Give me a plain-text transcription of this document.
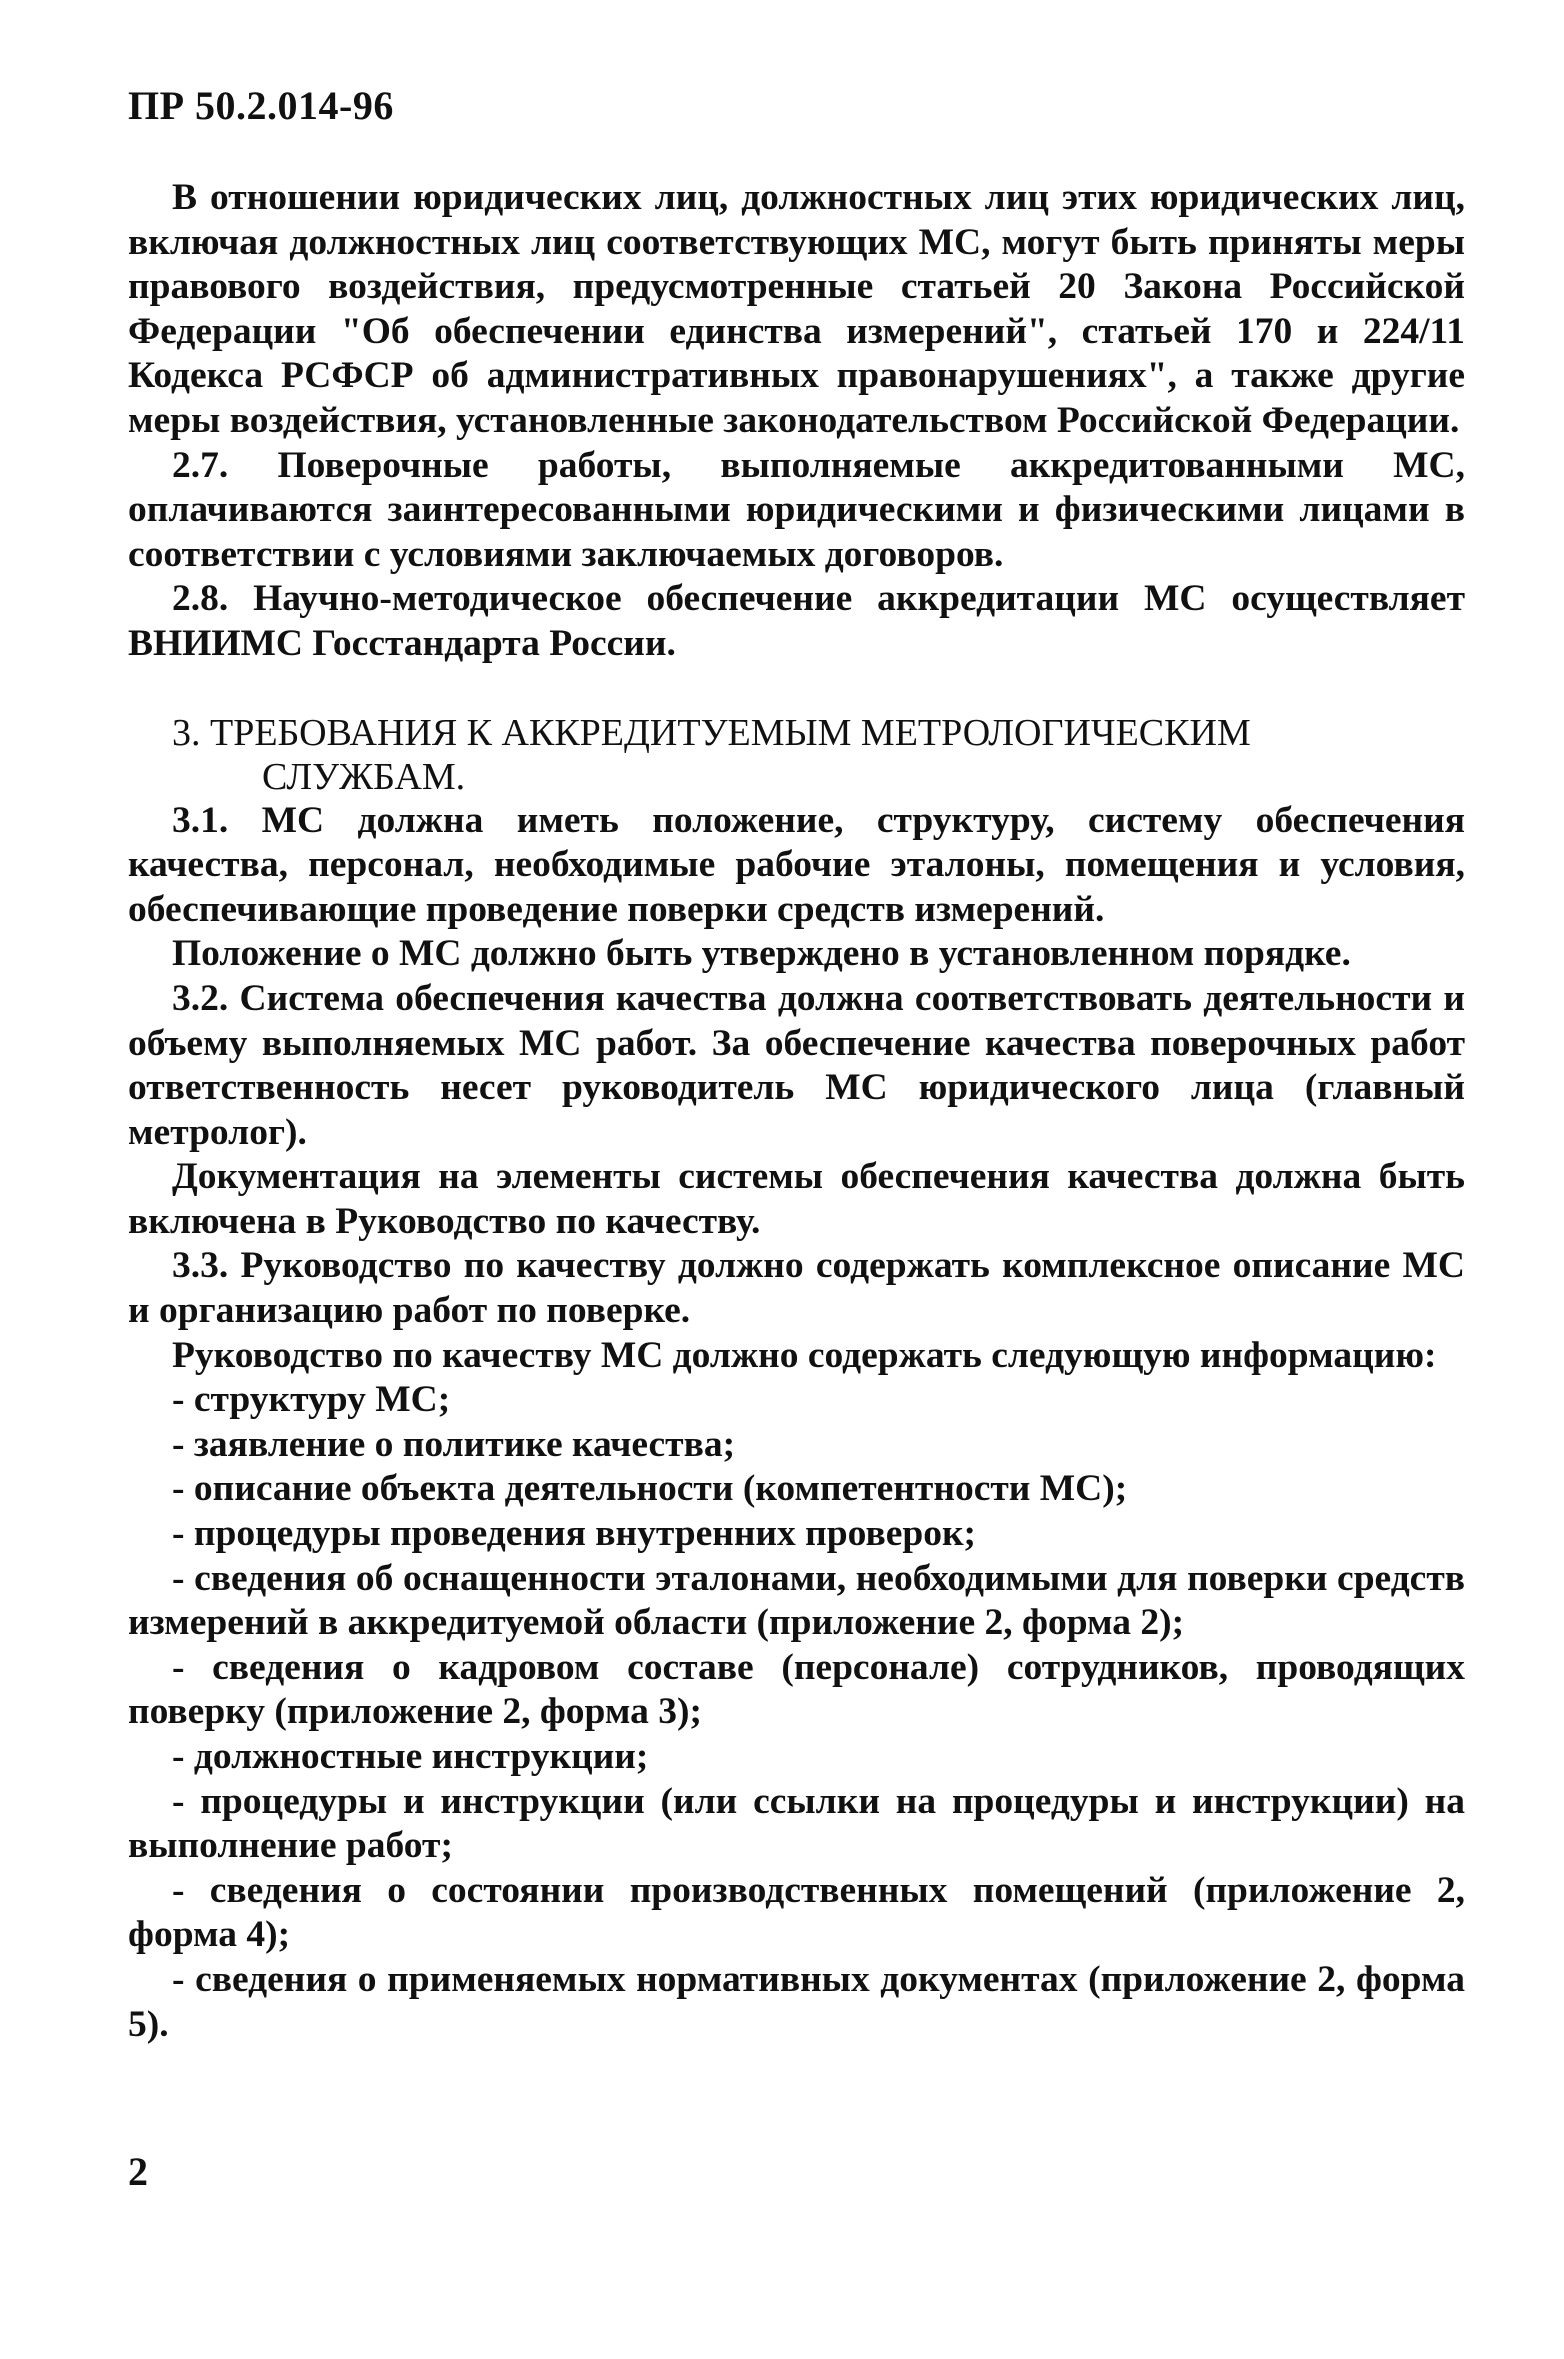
ПР 50.2.014-96

В отношении юридических лиц, должностных лиц этих юридических лиц, включая должностных лиц соответствующих МС, могут быть приняты меры правового воздействия, предусмотренные статьей 20 Закона Российской Федерации "Об обеспечении единства измерений", статьей 170 и 224/11 Кодекса РСФСР об административных правонарушениях", а также другие меры воздействия, установленные законодательством Российской Федерации.

2.7. Поверочные работы, выполняемые аккредитованными МС, оплачиваются заинтересованными юридическими и физическими лицами в соответствии с условиями заключаемых договоров.

2.8. Научно-методическое обеспечение аккредитации МС осуществляет ВНИИМС Госстандарта России.

3. ТРЕБОВАНИЯ К АККРЕДИТУЕМЫМ МЕТРОЛОГИЧЕСКИМ
СЛУЖБАМ.

3.1. МС должна иметь положение, структуру, систему обеспечения качества, персонал, необходимые рабочие эталоны, помещения и условия, обеспечивающие проведение поверки средств измерений.

Положение о МС должно быть утверждено в установленном порядке.

3.2. Система обеспечения качества должна соответствовать деятельности и объему выполняемых МС работ. За обеспечение качества поверочных работ ответственность несет руководитель МС юридического лица (главный метролог).

Документация на элементы системы обеспечения качества должна быть включена в Руководство по качеству.

3.3. Руководство по качеству должно содержать комплексное описание МС и организацию работ по поверке.

Руководство по качеству МС должно содержать следующую информацию:

- структуру МС;

- заявление о политике качества;

- описание объекта деятельности (компетентности МС);

- процедуры проведения внутренних проверок;

- сведения об оснащенности эталонами, необходимыми для поверки средств измерений в аккредитуемой области (приложение 2, форма 2);

- сведения о кадровом составе (персонале) сотрудников, проводящих поверку (приложение 2, форма 3);

- должностные инструкции;

- процедуры и инструкции (или ссылки на процедуры и инструкции) на выполнение работ;

- сведения о состоянии производственных помещений (приложение 2, форма 4);

- сведения о применяемых нормативных документах (приложение 2, форма 5).

2
